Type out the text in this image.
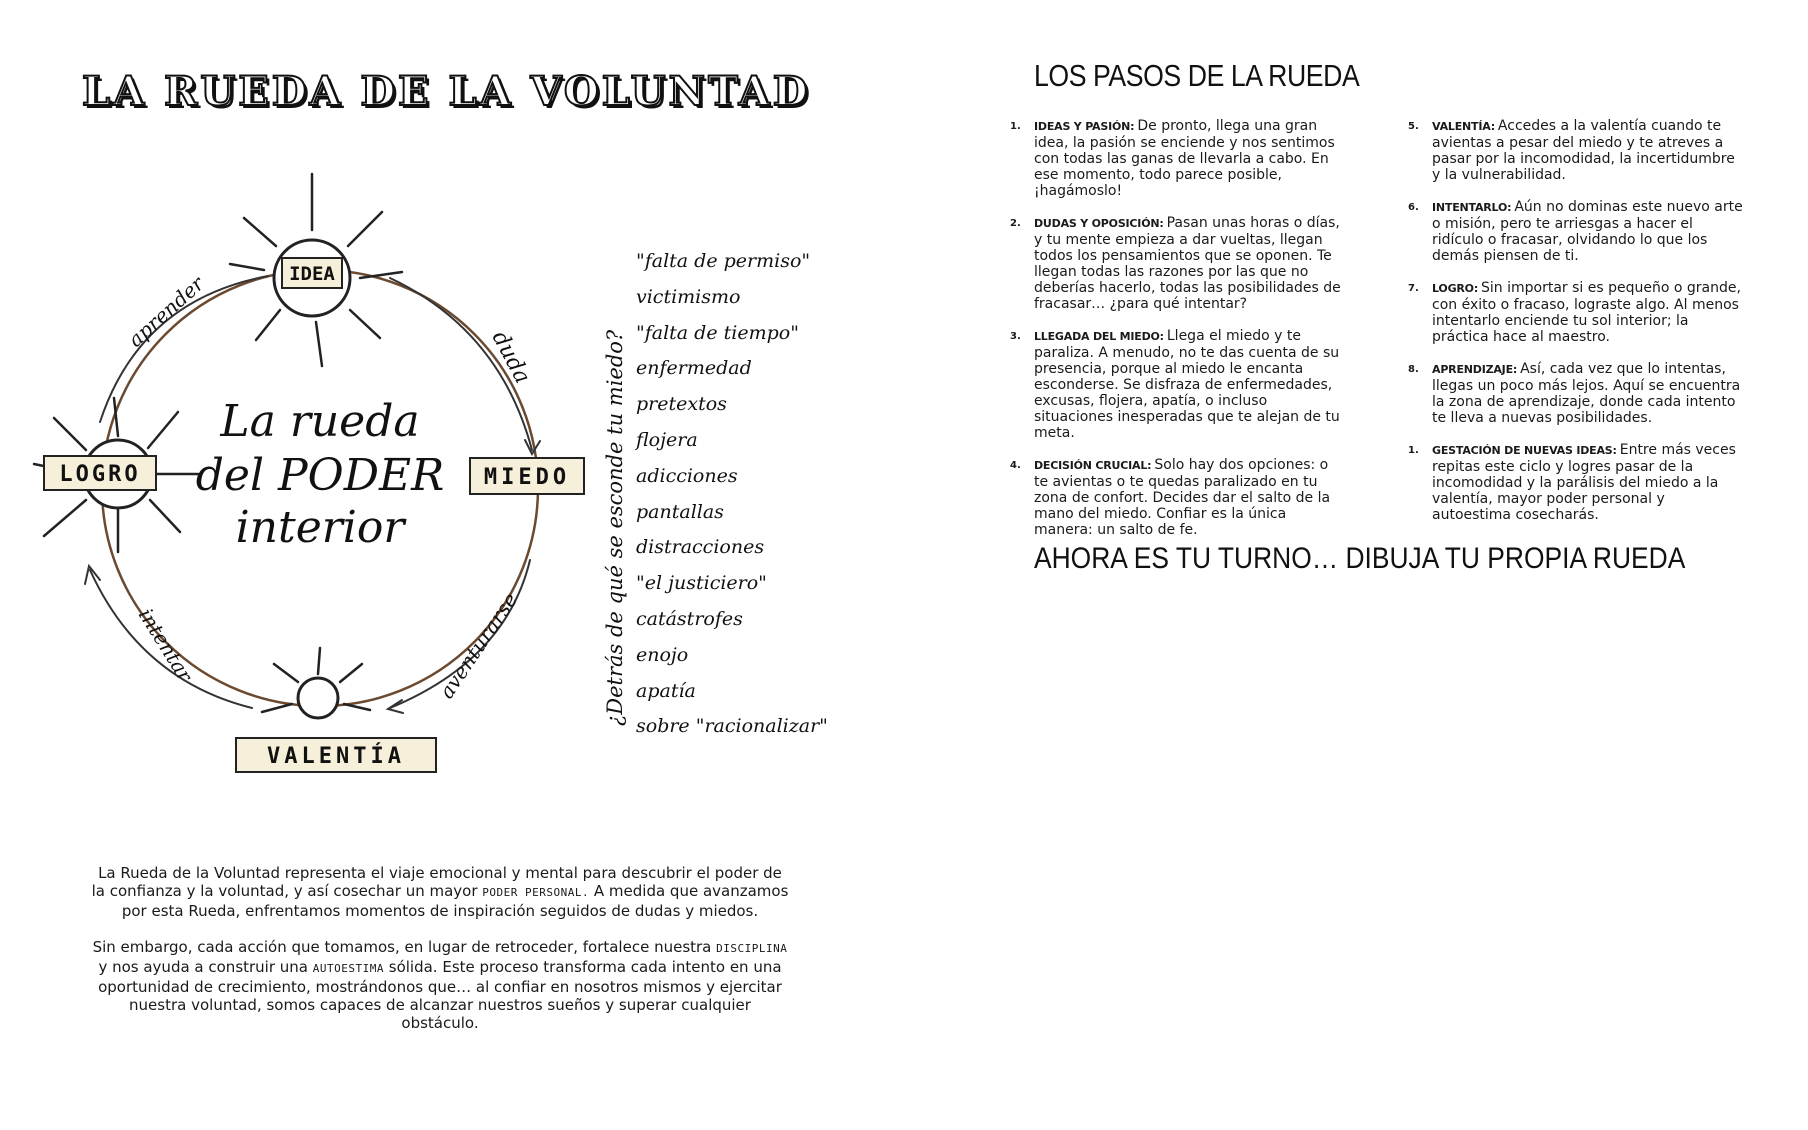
LA RUEDA DE LA VOLUNTAD
IDEA
LOGRO	MIEDO
VALENTÍA
duda
aventurarse
intentar
aprender
La rueda
del PODER
interior	¿Detrás de qué se esconde tu miedo?
"falta de permiso"
victimismo
"falta de tiempo"
enfermedad
pretextos
flojera
adicciones
pantallas
distracciones
"el justiciero"
catástrofes
enojo
apatía
sobre "racionalizar"

La Rueda de la Voluntad representa el viaje emocional y mental para descubrir el poder de la confianza y la voluntad, y así cosechar un mayor PODER PERSONAL. A medida que avanzamos por esta Rueda, enfrentamos momentos de inspiración seguidos de dudas y miedos.

Sin embargo, cada acción que tomamos, en lugar de retroceder, fortalece nuestra DISCIPLINA y nos ayuda a construir una AUTOESTIMA sólida. Este proceso transforma cada intento en una oportunidad de crecimiento, mostrándonos que… al confiar en nosotros mismos y ejercitar nuestra voluntad, somos capaces de alcanzar nuestros sueños y superar cualquier obstáculo.

LOS PASOS DE LA RUEDA
1. IDEAS Y PASIÓN: De pronto, llega una gran idea, la pasión se enciende y nos sentimos con todas las ganas de llevarla a cabo. En ese momento, todo parece posible, ¡hagámoslo!
2. DUDAS Y OPOSICIÓN: Pasan unas horas o días, y tu mente empieza a dar vueltas, llegan todos los pensamientos que se oponen. Te llegan todas las razones por las que no deberías hacerlo, todas las posibilidades de fracasar… ¿para qué intentar?
3. LLEGADA DEL MIEDO: Llega el miedo y te paraliza. A menudo, no te das cuenta de su presencia, porque al miedo le encanta esconderse. Se disfraza de enfermedades, excusas, flojera, apatía, o incluso situaciones inesperadas que te alejan de tu meta.
4. DECISIÓN CRUCIAL: Solo hay dos opciones: o te avientas o te quedas paralizado en tu zona de confort. Decides dar el salto de la mano del miedo. Confiar es la única manera: un salto de fe.
5. VALENTÍA: Accedes a la valentía cuando te avientas a pesar del miedo y te atreves a pasar por la incomodidad, la incertidumbre y la vulnerabilidad.
6. INTENTARLO: Aún no dominas este nuevo arte o misión, pero te arriesgas a hacer el ridículo o fracasar, olvidando lo que los demás piensen de ti.
7. LOGRO: Sin importar si es pequeño o grande, con éxito o fracaso, lograste algo. Al menos intentarlo enciende tu sol interior; la práctica hace al maestro.
8. APRENDIZAJE: Así, cada vez que lo intentas, llegas un poco más lejos. Aquí se encuentra la zona de aprendizaje, donde cada intento te lleva a nuevas posibilidades.
1. GESTACIÓN DE NUEVAS IDEAS: Entre más veces repitas este ciclo y logres pasar de la incomodidad y la parálisis del miedo a la valentía, mayor poder personal y autoestima cosecharás.
AHORA ES TU TURNO… DIBUJA TU PROPIA RUEDA
